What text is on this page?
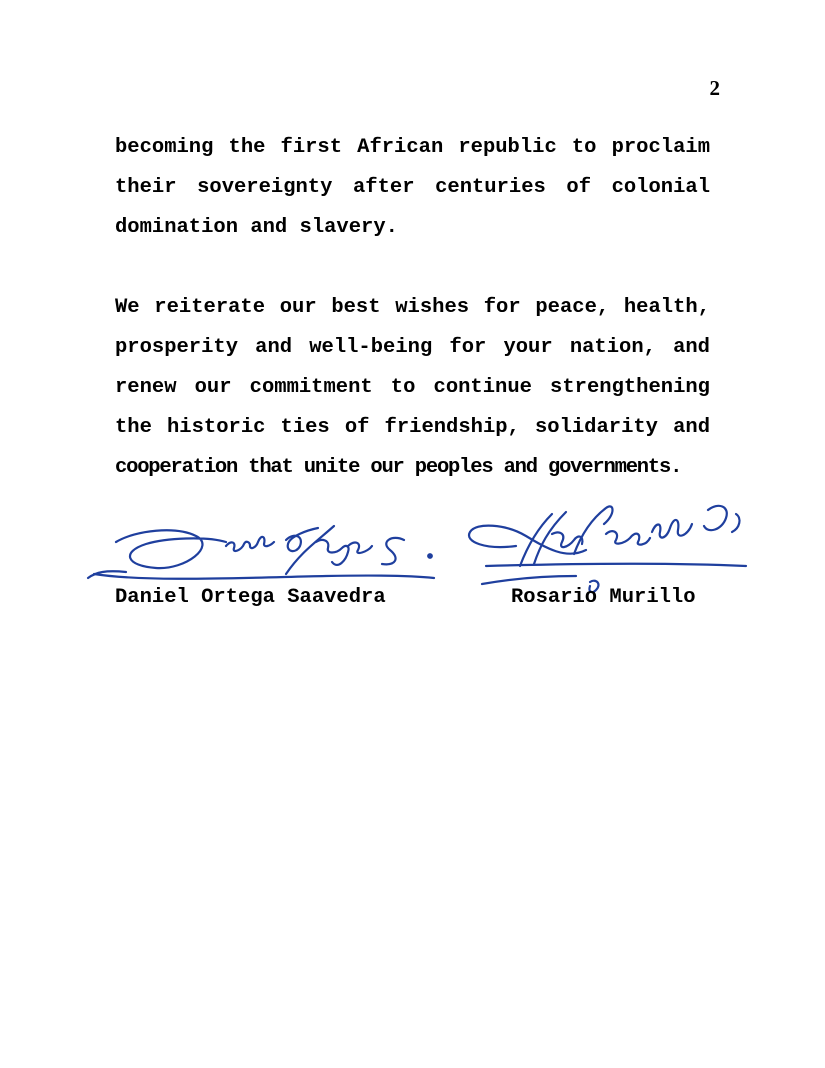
2
becoming the first African republic to proclaim
their sovereignty after centuries of colonial
domination and slavery.
We reiterate our best wishes for peace, health,
prosperity and well-being for your nation, and
renew our commitment to continue strengthening
the historic ties of friendship, solidarity and
cooperation that unite our peoples and governments.
Daniel Ortega Saavedra	Rosario Murillo
